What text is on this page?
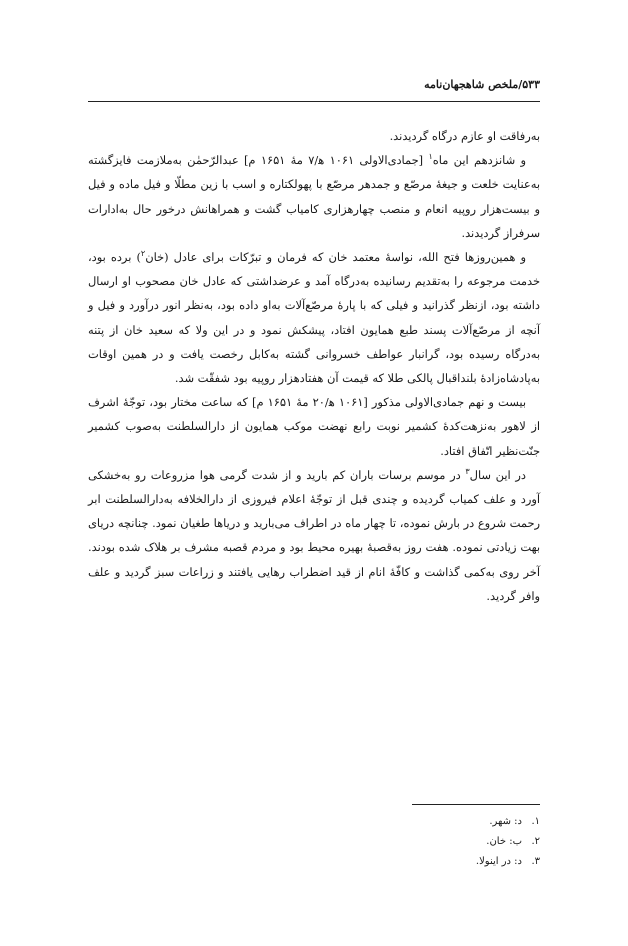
۵۳۳/ملخص شاهجهان‌نامه

به‌رفاقت او عازم درگاه گردیدند.

و شانزدهم این ماه$^۱$ [جمادی‌الاولی ۱۰۶۱ ه‍/۷ مهٔ ۱۶۵۱ م] عبدالرّحمٰن به‌ملازمت فایزگشته به‌عنایت خلعت و جیغهٔ مرصّع و جمدهر مرصّع با پهولکتاره و اسب با زین مطلّا و فیل ماده و فیل و بیست‌هزار روپیه انعام و منصب چهارهزاری کامیاب گشت و همراهانش درخور حال به‌ادارات سرفراز گردیدند.

و همین‌روزها فتح الله، نواسهٔ معتمد خان که فرمان و تبرّکات برای عادل (خان$^۲$) برده بود، خدمت مرجوعه را به‌تقدیم رسانیده به‌درگاه آمد و عرضداشتی که عادل خان مصحوب او ارسال داشته بود، ازنظر گذرانید و فیلی که با پارهٔ مرصّع‌آلات به‌او داده بود، به‌نظر انور درآورد و فیل و آنچه از مرصّع‌آلات پسند طبع همایون افتاد، پیشکش نمود و در این ولا که سعید خان از پتنه به‌درگاه رسیده بود، گرانبار عواطف خسروانی گشته به‌کابل رخصت یافت و در همین اوقات به‌پادشاه‌زادهٔ بلنداقبال پالکی طلا که قیمت آن هفتادهزار روپیه بود شفقّت شد.

بیست و نهم جمادی‌الاولی مذکور [۱۰۶۱ ه‍/۲۰ مهٔ ۱۶۵۱ م] که ساعت مختار بود، توجّهٔ اشرف از لاهور به‌نزهت‌کدهٔ کشمیر نوبت رابع نهضت موکب همایون از دارالسلطنت به‌صوب کشمیر جنّت‌نظیر اتّفاق افتاد.

در این سال$^۳$ در موسم برسات باران کم بارید و از شدت گرمی هوا مزروعات رو به‌خشکی آورد و علف کمیاب گردیده و چندی قبل از توجّهٔ اعلام فیروزی از دارالخلافه به‌دارالسلطنت ابر رحمت شروع در بارش نموده، تا چهار ماه در اطراف می‌بارید و دریاها طغیان نمود. چنانچه دریای بهت زیادتی نموده. هفت روز به‌قصبهٔ بهیره محیط بود و مردم قصبه مشرف بر هلاک شده بودند. آخر روی به‌کمی گذاشت و کافّهٔ انام از قید اضطراب رهایی یافتند و زراعات سبز گردید و علف وافر گردید.

۱.د: شهر.
۲.ب: خان.
۳.د: در اینولا.
